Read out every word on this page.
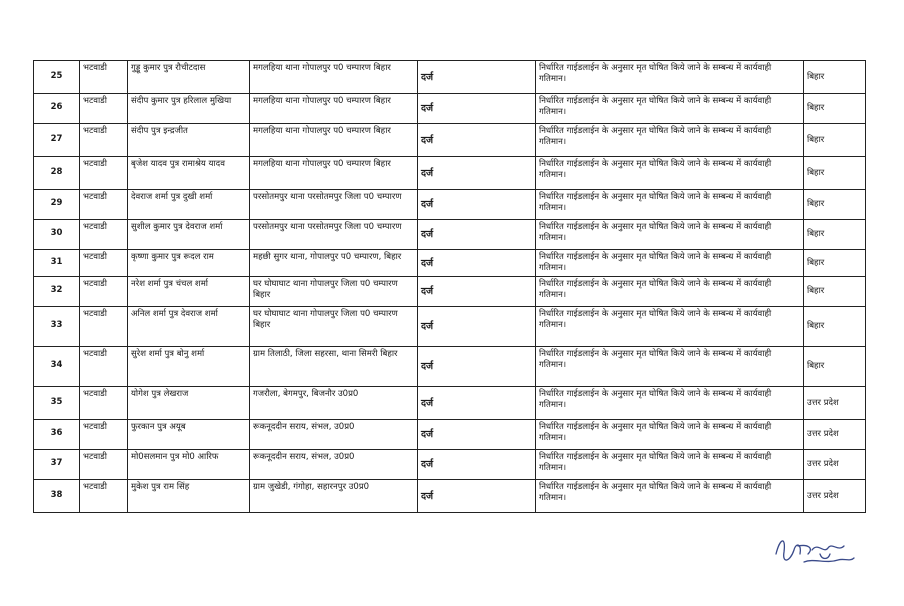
25	भटवाडी	गुड्डू कुमार पुत्र रौचीटदास	मगलहिया थाना गोपालपुर प0 चम्पारण बिहार	दर्ज	निर्धारित गाईडलाईन के अनुसार मृत घोषित किये जाने के सम्बन्ध में कार्यवाही गतिमान।	बिहार
26	भटवाडी	संदीप कुमार पुत्र हरिलाल मुखिया	मगलहिया थाना गोपालपुर प0 चम्पारण बिहार	दर्ज	निर्धारित गाईडलाईन के अनुसार मृत घोषित किये जाने के सम्बन्ध में कार्यवाही गतिमान।	बिहार
27	भटवाडी	संदीप पुत्र इन्द्रजीत	मगलहिया थाना गोपालपुर प0 चम्पारण बिहार	दर्ज	निर्धारित गाईडलाईन के अनुसार मृत घोषित किये जाने के सम्बन्ध में कार्यवाही गतिमान।	बिहार
28	भटवाडी	बृजेश यादव पुत्र रामाश्रेय यादव	मगलहिया थाना गोपालपुर प0 चम्पारण बिहार	दर्ज	निर्धारित गाईडलाईन के अनुसार मृत घोषित किये जाने के सम्बन्ध में कार्यवाही गतिमान।	बिहार
29	भटवाडी	देवराज शर्मा पुत्र दुखी शर्मा	परसोतमपुर थाना परसोतमपुर जिला प0 चम्पारण	दर्ज	निर्धारित गाईडलाईन के अनुसार मृत घोषित किये जाने के सम्बन्ध में कार्यवाही गतिमान।	बिहार
30	भटवाडी	सुशील कुमार पुत्र देवराज शर्मा	परसोतमपुर थाना परसोतमपुर जिला प0 चम्पारण	दर्ज	निर्धारित गाईडलाईन के अनुसार मृत घोषित किये जाने के सम्बन्ध में कार्यवाही गतिमान।	बिहार
31	भटवाडी	कृष्णा कुमार पुत्र रूदल राम	महछी सुगर थाना, गोपालपुर प0 चम्पारण, बिहार	दर्ज	निर्धारित गाईडलाईन के अनुसार मृत घोषित किये जाने के सम्बन्ध में कार्यवाही गतिमान।	बिहार
32	भटवाडी	नरेश शर्मा पुत्र चंचल शर्मा	घर घोघाघाट थाना गोपालपुर जिला प0 चम्पारण बिहार	दर्ज	निर्धारित गाईडलाईन के अनुसार मृत घोषित किये जाने के सम्बन्ध में कार्यवाही गतिमान।	बिहार
33	भटवाडी	अनिल शर्मा पुत्र देवराज शर्मा	घर घोघाघाट थाना गोपालपुर जिला प0 चम्पारण बिहार	दर्ज	निर्धारित गाईडलाईन के अनुसार मृत घोषित किये जाने के सम्बन्ध में कार्यवाही गतिमान।	बिहार
34	भटवाडी	सुरेश शर्मा पुत्र बोनु शर्मा	ग्राम तिलाठी, जिला सहरसा, थाना सिमरी बिहार	दर्ज	निर्धारित गाईडलाईन के अनुसार मृत घोषित किये जाने के सम्बन्ध में कार्यवाही गतिमान।	बिहार
35	भटवाडी	योगेश पुत्र लेखराज	गजरौला, बेगमपुर, बिजनौर उ0प्र0	दर्ज	निर्धारित गाईडलाईन के अनुसार मृत घोषित किये जाने के सम्बन्ध में कार्यवाही गतिमान।	उत्तर प्रदेश
36	भटवाडी	फुरकान पुत्र अयूब	रूकनूददीन सराय, संभल, उ0प्र0	दर्ज	निर्धारित गाईडलाईन के अनुसार मृत घोषित किये जाने के सम्बन्ध में कार्यवाही गतिमान।	उत्तर प्रदेश
37	भटवाडी	मो0सलमान पुत्र मो0 आरिफ	रूकनूददीन सराय, संभल, उ0प्र0	दर्ज	निर्धारित गाईडलाईन के अनुसार मृत घोषित किये जाने के सम्बन्ध में कार्यवाही गतिमान।	उत्तर प्रदेश
38	भटवाडी	मुकेश पुत्र राम सिंह	ग्राम जुखेडी, गंगोहा, सहारनपुर उ0प्र0	दर्ज	निर्धारित गाईडलाईन के अनुसार मृत घोषित किये जाने के सम्बन्ध में कार्यवाही गतिमान।	उत्तर प्रदेश
